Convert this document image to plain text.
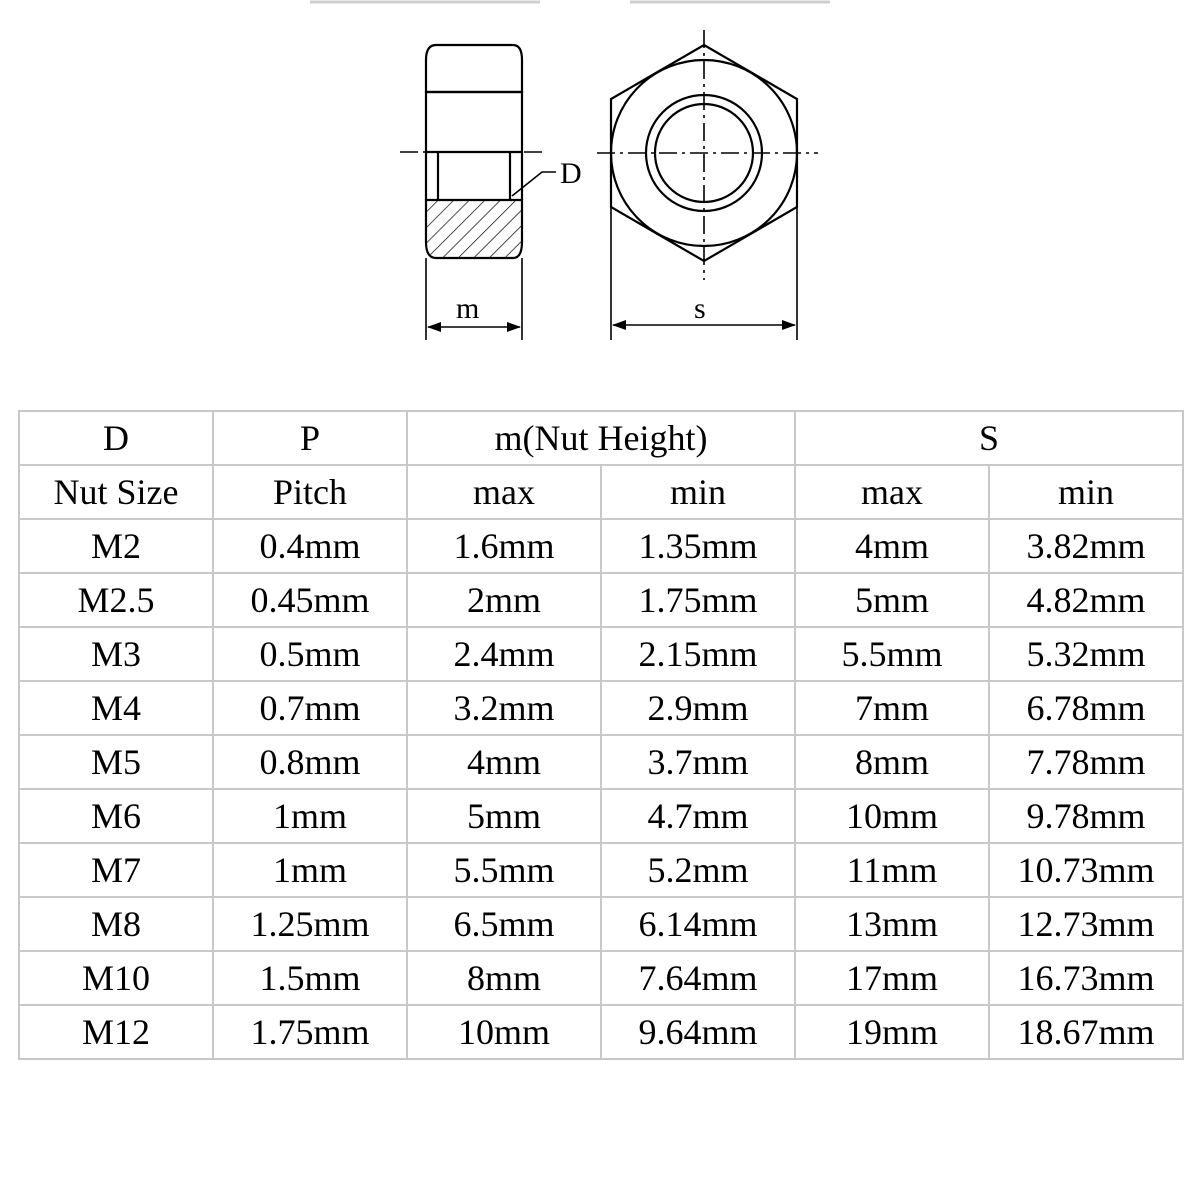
D
m	s
D	P	m(Nut Height)		S	
Nut Size	Pitch	max	min	max	min
M2	0.4mm	1.6mm	1.35mm	4mm	3.82mm
M2.5	0.45mm	2mm	1.75mm	5mm	4.82mm
M3	0.5mm	2.4mm	2.15mm	5.5mm	5.32mm
M4	0.7mm	3.2mm	2.9mm	7mm	6.78mm
M5	0.8mm	4mm	3.7mm	8mm	7.78mm
M6	1mm	5mm	4.7mm	10mm	9.78mm
M7	1mm	5.5mm	5.2mm	11mm	10.73mm
M8	1.25mm	6.5mm	6.14mm	13mm	12.73mm
M10	1.5mm	8mm	7.64mm	17mm	16.73mm
M12	1.75mm	10mm	9.64mm	19mm	18.67mm
